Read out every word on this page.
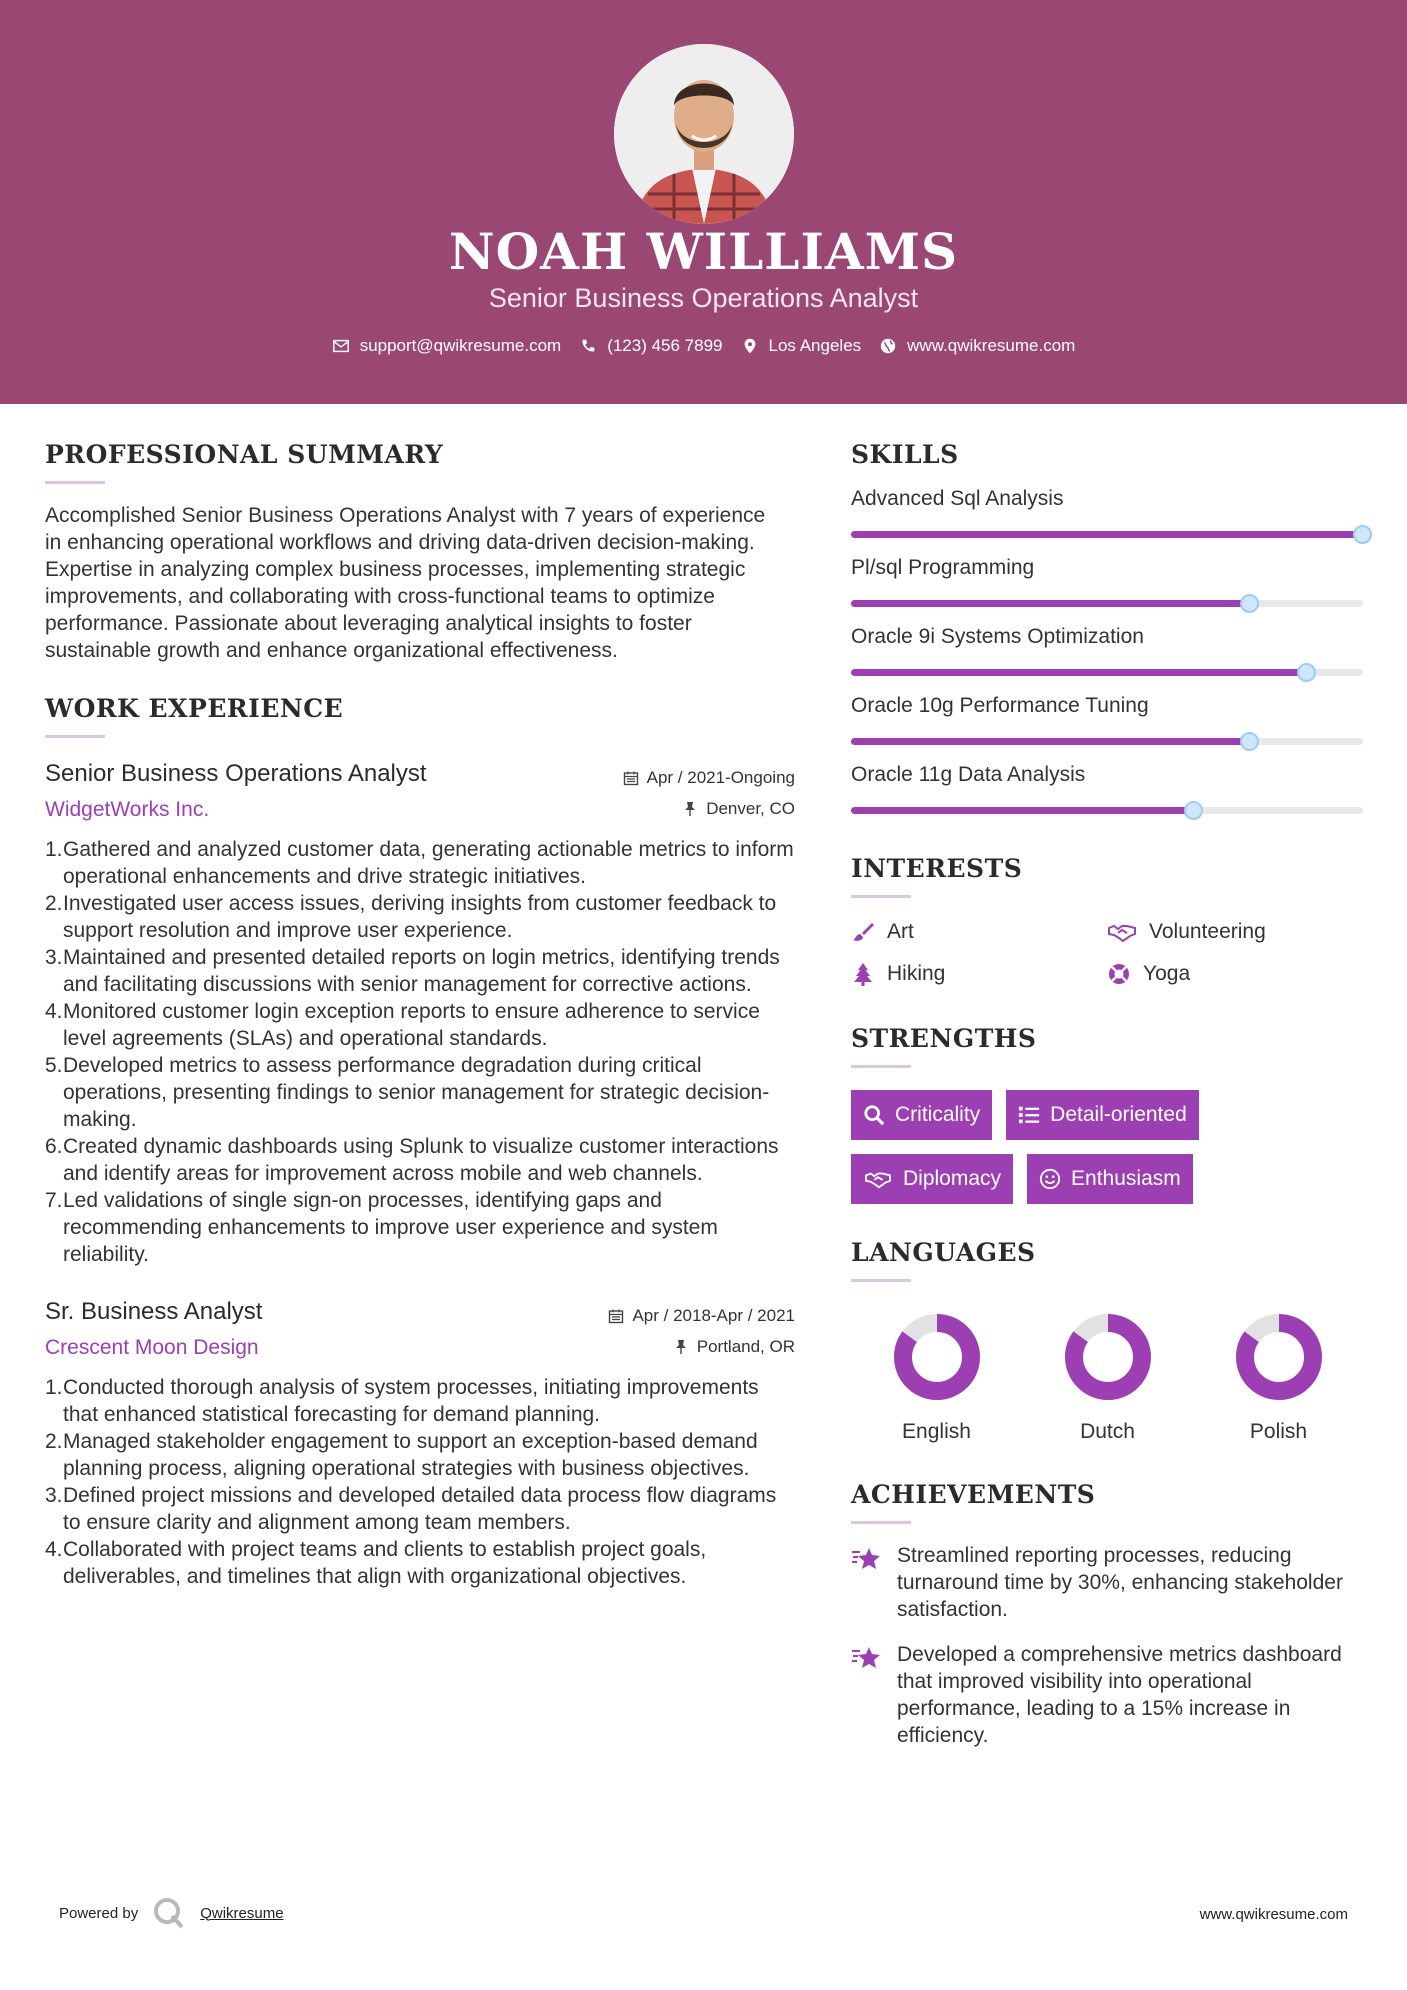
NOAH WILLIAMS
Senior Business Operations Analyst
support@qwikresume.com	(123) 456 7899	Los Angeles	www.qwikresume.com
PROFESSIONAL SUMMARY
Accomplished Senior Business Operations Analyst with 7 years of experience in enhancing operational workflows and driving data-driven decision-making. Expertise in analyzing complex business processes, implementing strategic improvements, and collaborating with cross-functional teams to optimize performance. Passionate about leveraging analytical insights to foster sustainable growth and enhance organizational effectiveness.
WORK EXPERIENCE
Senior Business Operations Analyst
WidgetWorks Inc.
Apr / 2021-Ongoing
Denver, CO
1. Gathered and analyzed customer data, generating actionable metrics to inform operational enhancements and drive strategic initiatives.
2. Investigated user access issues, deriving insights from customer feedback to support resolution and improve user experience.
3. Maintained and presented detailed reports on login metrics, identifying trends and facilitating discussions with senior management for corrective actions.
4. Monitored customer login exception reports to ensure adherence to service level agreements (SLAs) and operational standards.
5. Developed metrics to assess performance degradation during critical operations, presenting findings to senior management for strategic decision-making.
6. Created dynamic dashboards using Splunk to visualize customer interactions and identify areas for improvement across mobile and web channels.
7. Led validations of single sign-on processes, identifying gaps and recommending enhancements to improve user experience and system reliability.
Sr. Business Analyst
Crescent Moon Design
Apr / 2018-Apr / 2021
Portland, OR
1. Conducted thorough analysis of system processes, initiating improvements that enhanced statistical forecasting for demand planning.
2. Managed stakeholder engagement to support an exception-based demand planning process, aligning operational strategies with business objectives.
3. Defined project missions and developed detailed data process flow diagrams to ensure clarity and alignment among team members.
4. Collaborated with project teams and clients to establish project goals, deliverables, and timelines that align with organizational objectives.
SKILLS
Advanced Sql Analysis
Pl/sql Programming
Oracle 9i Systems Optimization
Oracle 10g Performance Tuning
Oracle 11g Data Analysis
INTERESTS
Art	Volunteering
Hiking	Yoga
STRENGTHS
Criticality	Detail-oriented
Diplomacy	Enthusiasm
LANGUAGES
English	Dutch	Polish
ACHIEVEMENTS
Streamlined reporting processes, reducing turnaround time by 30%, enhancing stakeholder satisfaction.
Developed a comprehensive metrics dashboard that improved visibility into operational performance, leading to a 15% increase in efficiency.
Powered by	Qwikresume	www.qwikresume.com
